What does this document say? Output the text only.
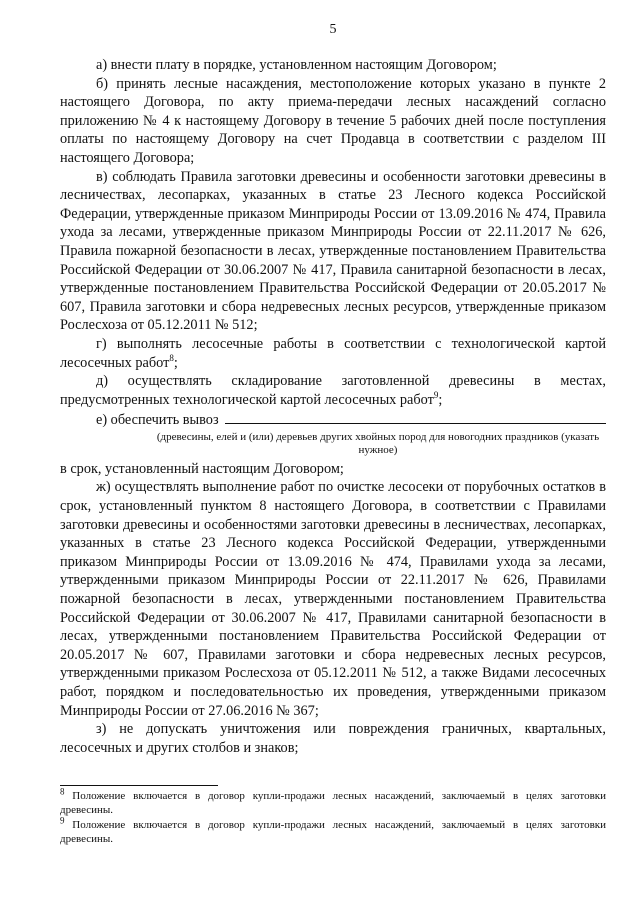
5

а) внести плату в порядке, установленном настоящим Договором;

б) принять лесные насаждения, местоположение которых указано в пункте 2 настоящего Договора, по акту приема-передачи лесных насаждений согласно приложению № 4 к настоящему Договору в течение 5 рабочих дней после поступления оплаты по настоящему Договору на счет Продавца в соответствии с разделом III настоящего Договора;

в) соблюдать Правила заготовки древесины и особенности заготовки древесины в лесничествах, лесопарках, указанных в статье 23 Лесного кодекса Российской Федерации, утвержденные приказом Минприроды России от 13.09.2016 № 474, Правила ухода за лесами, утвержденные приказом Минприроды России от 22.11.2017 № 626, Правила пожарной безопасности в лесах, утвержденные постановлением Правительства Российской Федерации от 30.06.2007 № 417, Правила санитарной безопасности в лесах, утвержденные постановлением Правительства Российской Федерации от 20.05.2017 № 607, Правила заготовки и сбора недревесных лесных ресурсов, утвержденные приказом Рослесхоза от 05.12.2011 № 512;

г) выполнять лесосечные работы в соответствии с технологической картой лесосечных работ$^8$;

д) осуществлять складирование заготовленной древесины в местах, предусмотренных технологической картой лесосечных работ$^9$;

е) обеспечить вывоз
(древесины, елей и (или) деревьев других хвойных пород для новогодних праздников (указать нужное)

в срок, установленный настоящим Договором;

ж) осуществлять выполнение работ по очистке лесосеки от порубочных остатков в срок, установленный пунктом 8 настоящего Договора, в соответствии с Правилами заготовки древесины и особенностями заготовки древесины в лесничествах, лесопарках, указанных в статье 23 Лесного кодекса Российской Федерации, утвержденными приказом Минприроды России от 13.09.2016 № 474, Правилами ухода за лесами, утвержденными приказом Минприроды России от 22.11.2017 № 626, Правилами пожарной безопасности в лесах, утвержденными постановлением Правительства Российской Федерации от 30.06.2007 № 417, Правилами санитарной безопасности в лесах, утвержденными постановлением Правительства Российской Федерации от 20.05.2017 № 607, Правилами заготовки и сбора недревесных лесных ресурсов, утвержденными приказом Рослесхоза от 05.12.2011 № 512, а также Видами лесосечных работ, порядком и последовательностью их проведения, утвержденными приказом Минприроды России от 27.06.2016 № 367;

з) не допускать уничтожения или повреждения граничных, квартальных, лесосечных и других столбов и знаков;

$^8$ Положение включается в договор купли-продажи лесных насаждений, заключаемый в целях заготовки древесины.

$^9$ Положение включается в договор купли-продажи лесных насаждений, заключаемый в целях заготовки древесины.
